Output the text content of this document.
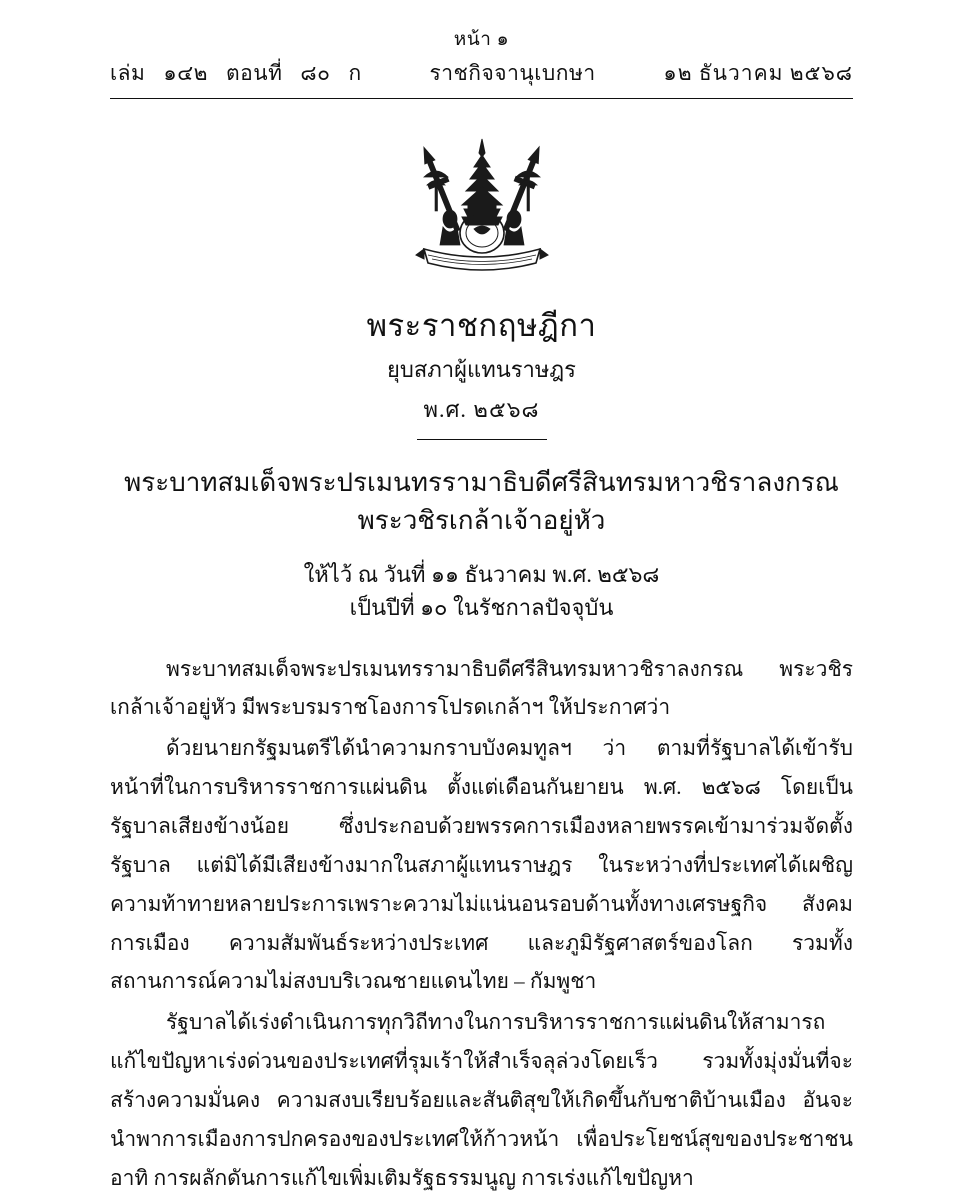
หน้า ๑
เล่ม ๑๔๒ ตอนที่ ๘๐ ก	ราชกิจจานุเบกษา	๑๒ ธันวาคม ๒๕๖๘
พระราชกฤษฎีกา
ยุบสภาผู้แทนราษฎร
พ.ศ. ๒๕๖๘
พระบาทสมเด็จพระปรเมนทรรามาธิบดีศรีสินทรมหาวชิราลงกรณ
พระวชิรเกล้าเจ้าอยู่หัว
ให้ไว้ ณ วันที่ ๑๑ ธันวาคม พ.ศ. ๒๕๖๘
เป็นปีที่ ๑๐ ในรัชกาลปัจจุบัน

พระบาทสมเด็จพระปรเมนทรรามาธิบดีศรีสินทรมหาวชิราลงกรณ พระวชิรเกล้าเจ้าอยู่หัว มีพระบรมราชโองการโปรดเกล้าฯ ให้ประกาศว่า

ด้วยนายกรัฐมนตรีได้นำความกราบบังคมทูลฯ ว่า ตามที่รัฐบาลได้เข้ารับหน้าที่ในการบริหารราชการแผ่นดิน ตั้งแต่เดือนกันยายน พ.ศ. ๒๕๖๘ โดยเป็นรัฐบาลเสียงข้างน้อย ซึ่งประกอบด้วยพรรคการเมืองหลายพรรคเข้ามาร่วมจัดตั้งรัฐบาล แต่มิได้มีเสียงข้างมากในสภาผู้แทนราษฎร ในระหว่างที่ประเทศได้เผชิญความท้าทายหลายประการเพราะความไม่แน่นอนรอบด้านทั้งทางเศรษฐกิจ สังคม การเมือง ความสัมพันธ์ระหว่างประเทศ และภูมิรัฐศาสตร์ของโลก รวมทั้งสถานการณ์ความไม่สงบบริเวณชายแดนไทย – กัมพูชา

รัฐบาลได้เร่งดำเนินการทุกวิถีทางในการบริหารราชการแผ่นดินให้สามารถแก้ไขปัญหาเร่งด่วนของประเทศที่รุมเร้าให้สำเร็จลุล่วงโดยเร็ว รวมทั้งมุ่งมั่นที่จะสร้างความมั่นคง ความสงบเรียบร้อยและสันติสุขให้เกิดขึ้นกับชาติบ้านเมือง อันจะนำพาการเมืองการปกครองของประเทศให้ก้าวหน้า เพื่อประโยชน์สุขของประชาชน อาทิ การผลักดันการแก้ไขเพิ่มเติมรัฐธรรมนูญ การเร่งแก้ไขปัญหา
